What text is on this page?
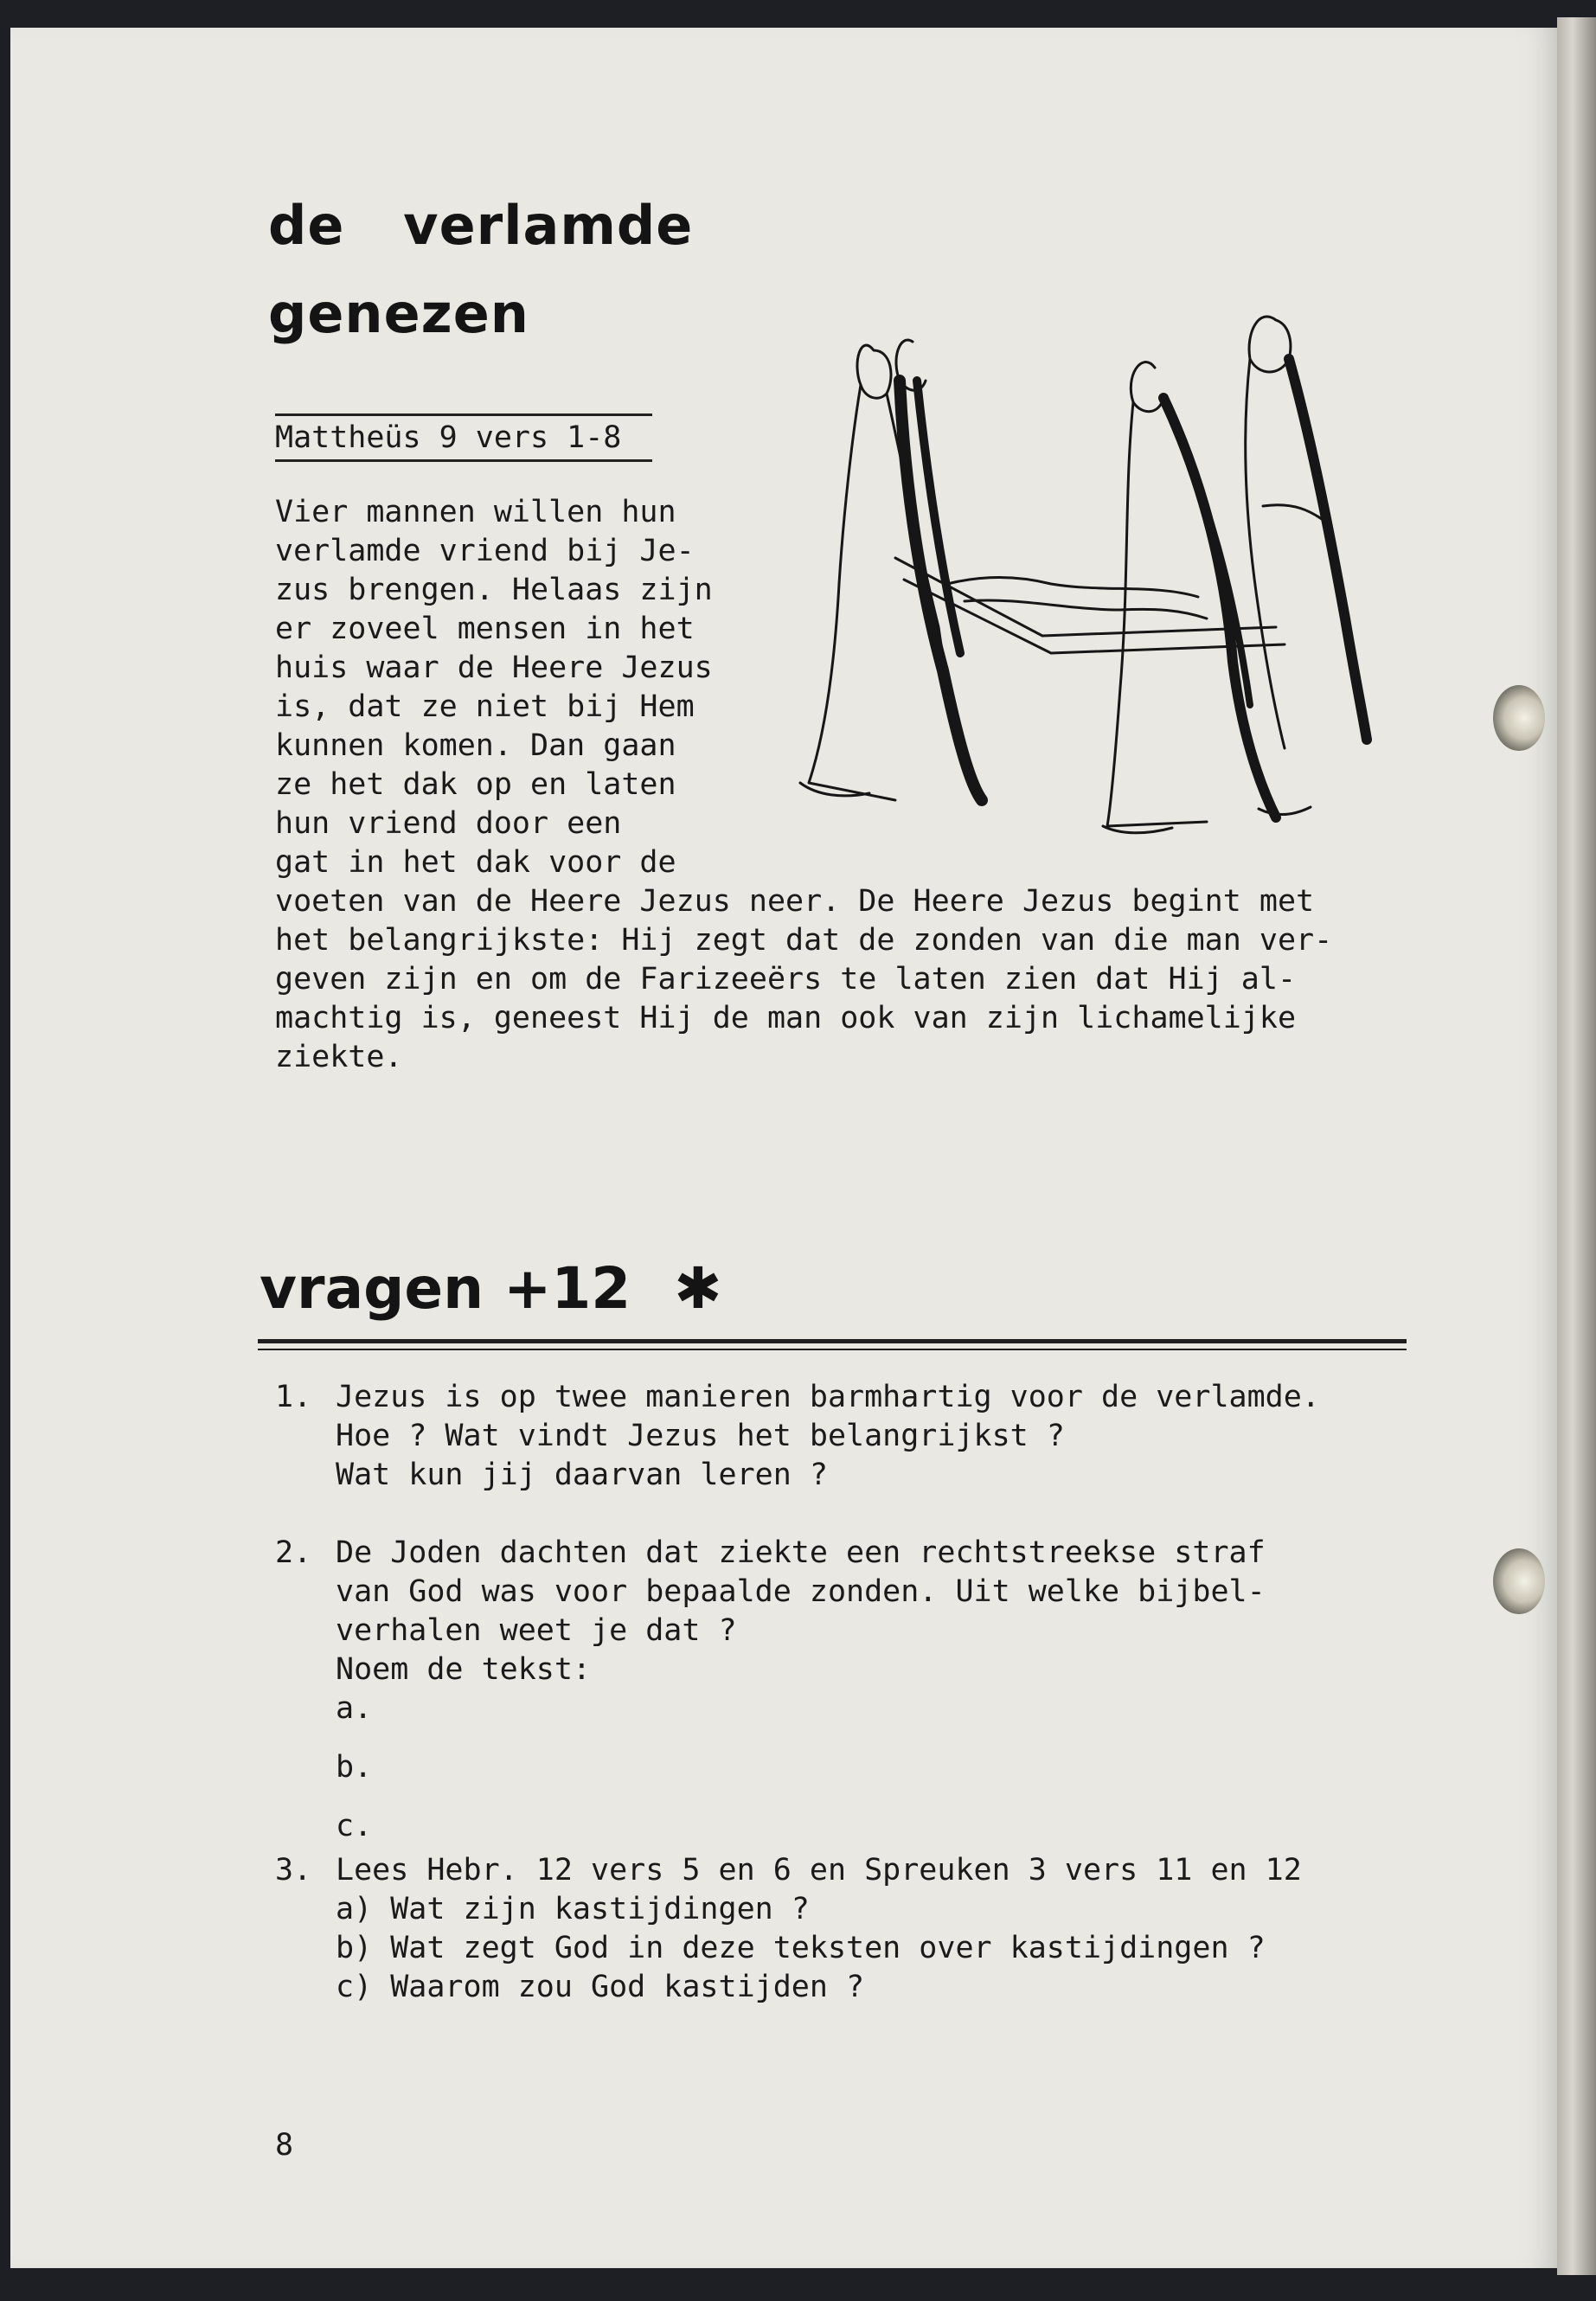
de   verlamde
genezen
Mattheüs 9 vers 1-8
Vier mannen willen hun
verlamde vriend bij Je-
zus brengen. Helaas zijn
er zoveel mensen in het
huis waar de Heere Jezus
is, dat ze niet bij Hem
kunnen komen. Dan gaan
ze het dak op en laten
hun vriend door een
gat in het dak voor de
voeten van de Heere Jezus neer. De Heere Jezus begint met
het belangrijkste: Hij zegt dat de zonden van die man ver-
geven zijn en om de Farizeeërs te laten zien dat Hij al-
machtig is, geneest Hij de man ook van zijn lichamelijke
ziekte.
vragen +12 ✱
1. Jezus is op twee manieren barmhartig voor de verlamde.
Hoe ? Wat vindt Jezus het belangrijkst ?
Wat kun jij daarvan leren ?
2. De Joden dachten dat ziekte een rechtstreekse straf
van God was voor bepaalde zonden. Uit welke bijbel-
verhalen weet je dat ?
Noem de tekst:
a.
b.
c.
3. Lees Hebr. 12 vers 5 en 6 en Spreuken 3 vers 11 en 12
a) Wat zijn kastijdingen ?
b) Wat zegt God in deze teksten over kastijdingen ?
c) Waarom zou God kastijden ?
8
